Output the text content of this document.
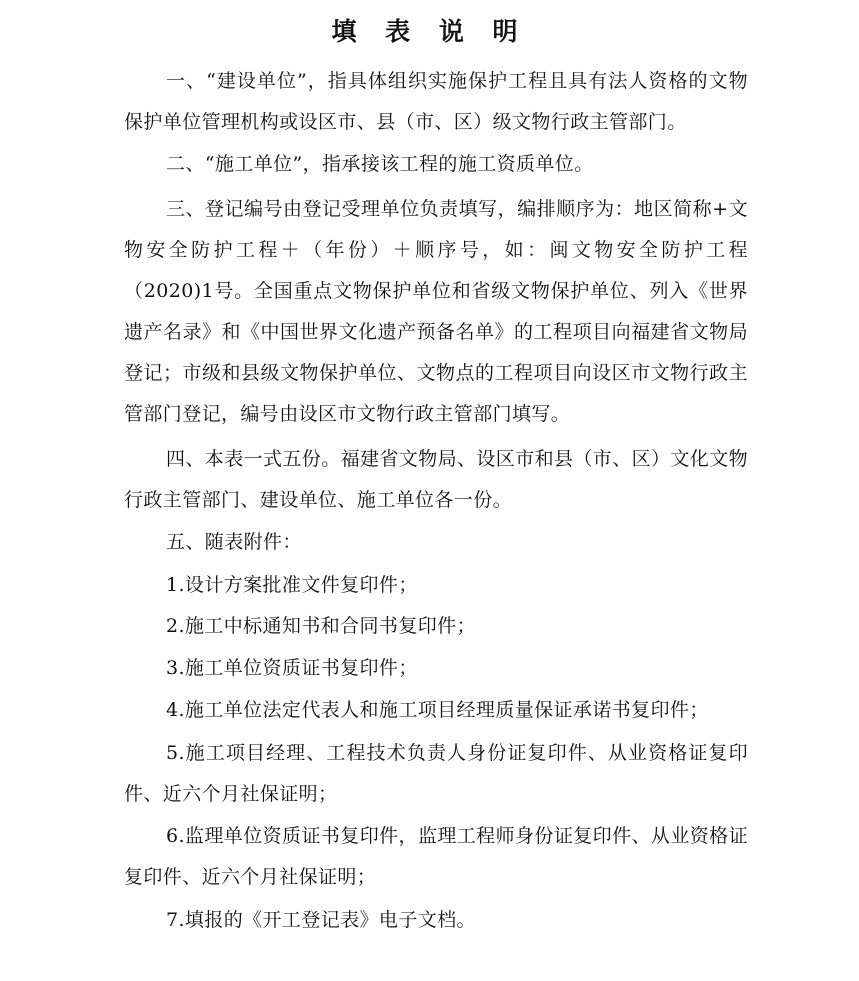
填 表 说 明
一、“建设单位”，指具体组织实施保护工程且具有法人资格的文物保护单位管理机构或设区市、县（市、区）级文物行政主管部门。
二、“施工单位”，指承接该工程的施工资质单位。
三、登记编号由登记受理单位负责填写，编排顺序为：地区简称+文物安全防护工程＋（年份）＋顺序号，如：闽文物安全防护工程（2020)1号。全国重点文物保护单位和省级文物保护单位、列入《世界遗产名录》和《中国世界文化遗产预备名单》的工程项目向福建省文物局登记；市级和县级文物保护单位、文物点的工程项目向设区市文物行政主管部门登记，编号由设区市文物行政主管部门填写。
四、本表一式五份。福建省文物局、设区市和县（市、区）文化文物行政主管部门、建设单位、施工单位各一份。
五、随表附件：
1.设计方案批准文件复印件；
2.施工中标通知书和合同书复印件；
3.施工单位资质证书复印件；
4.施工单位法定代表人和施工项目经理质量保证承诺书复印件；
5.施工项目经理、工程技术负责人身份证复印件、从业资格证复印件、近六个月社保证明；
6.监理单位资质证书复印件，监理工程师身份证复印件、从业资格证复印件、近六个月社保证明；
7.填报的《开工登记表》电子文档。
